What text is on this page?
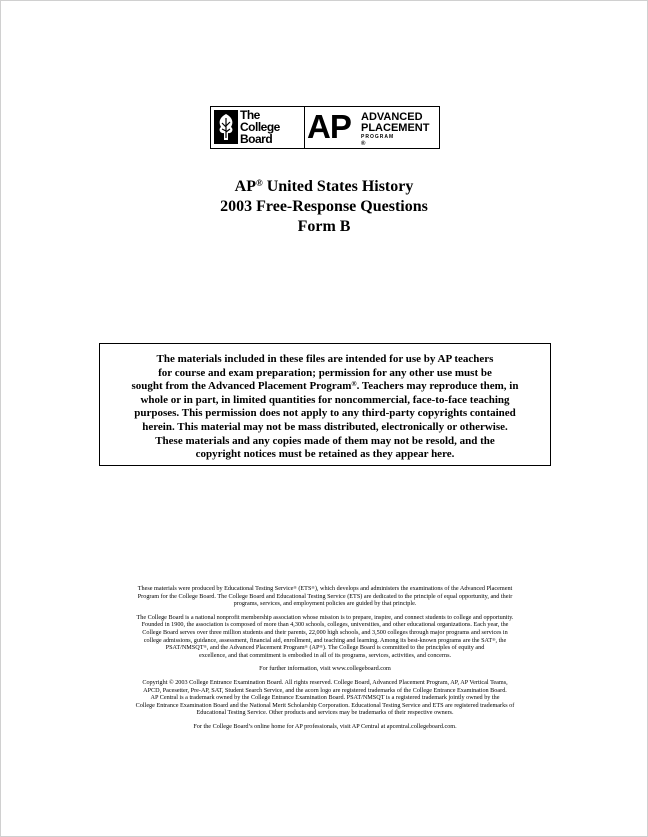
The
College
Board AP ADVANCED
PLACEMENT
PROGRAM
®
AP® United States History
2003 Free-Response Questions
Form B
The materials included in these files are intended for use by AP teachers
for course and exam preparation; permission for any other use must be
sought from the Advanced Placement Program®. Teachers may reproduce them, in
whole or in part, in limited quantities for noncommercial, face-to-face teaching
purposes. This permission does not apply to any third-party copyrights contained
herein. This material may not be mass distributed, electronically or otherwise.
These materials and any copies made of them may not be resold, and the
copyright notices must be retained as they appear here.

These materials were produced by Educational Testing Service® (ETS®), which develops and administers the examinations of the Advanced Placement
Program for the College Board. The College Board and Educational Testing Service (ETS) are dedicated to the principle of equal opportunity, and their
programs, services, and employment policies are guided by that principle.

The College Board is a national nonprofit membership association whose mission is to prepare, inspire, and connect students to college and opportunity.
Founded in 1900, the association is composed of more than 4,300 schools, colleges, universities, and other educational organizations. Each year, the
College Board serves over three million students and their parents, 22,000 high schools, and 3,500 colleges through major programs and services in
college admissions, guidance, assessment, financial aid, enrollment, and teaching and learning. Among its best-known programs are the SAT®, the
PSAT/NMSQT®, and the Advanced Placement Program® (AP®). The College Board is committed to the principles of equity and
excellence, and that commitment is embodied in all of its programs, services, activities, and concerns.

For further information, visit www.collegeboard.com

Copyright © 2003 College Entrance Examination Board. All rights reserved. College Board, Advanced Placement Program, AP, AP Vertical Teams,
APCD, Pacesetter, Pre-AP, SAT, Student Search Service, and the acorn logo are registered trademarks of the College Entrance Examination Board.
AP Central is a trademark owned by the College Entrance Examination Board. PSAT/NMSQT is a registered trademark jointly owned by the
College Entrance Examination Board and the National Merit Scholarship Corporation. Educational Testing Service and ETS are registered trademarks of
Educational Testing Service. Other products and services may be trademarks of their respective owners.

For the College Board’s online home for AP professionals, visit AP Central at apcentral.collegeboard.com.
